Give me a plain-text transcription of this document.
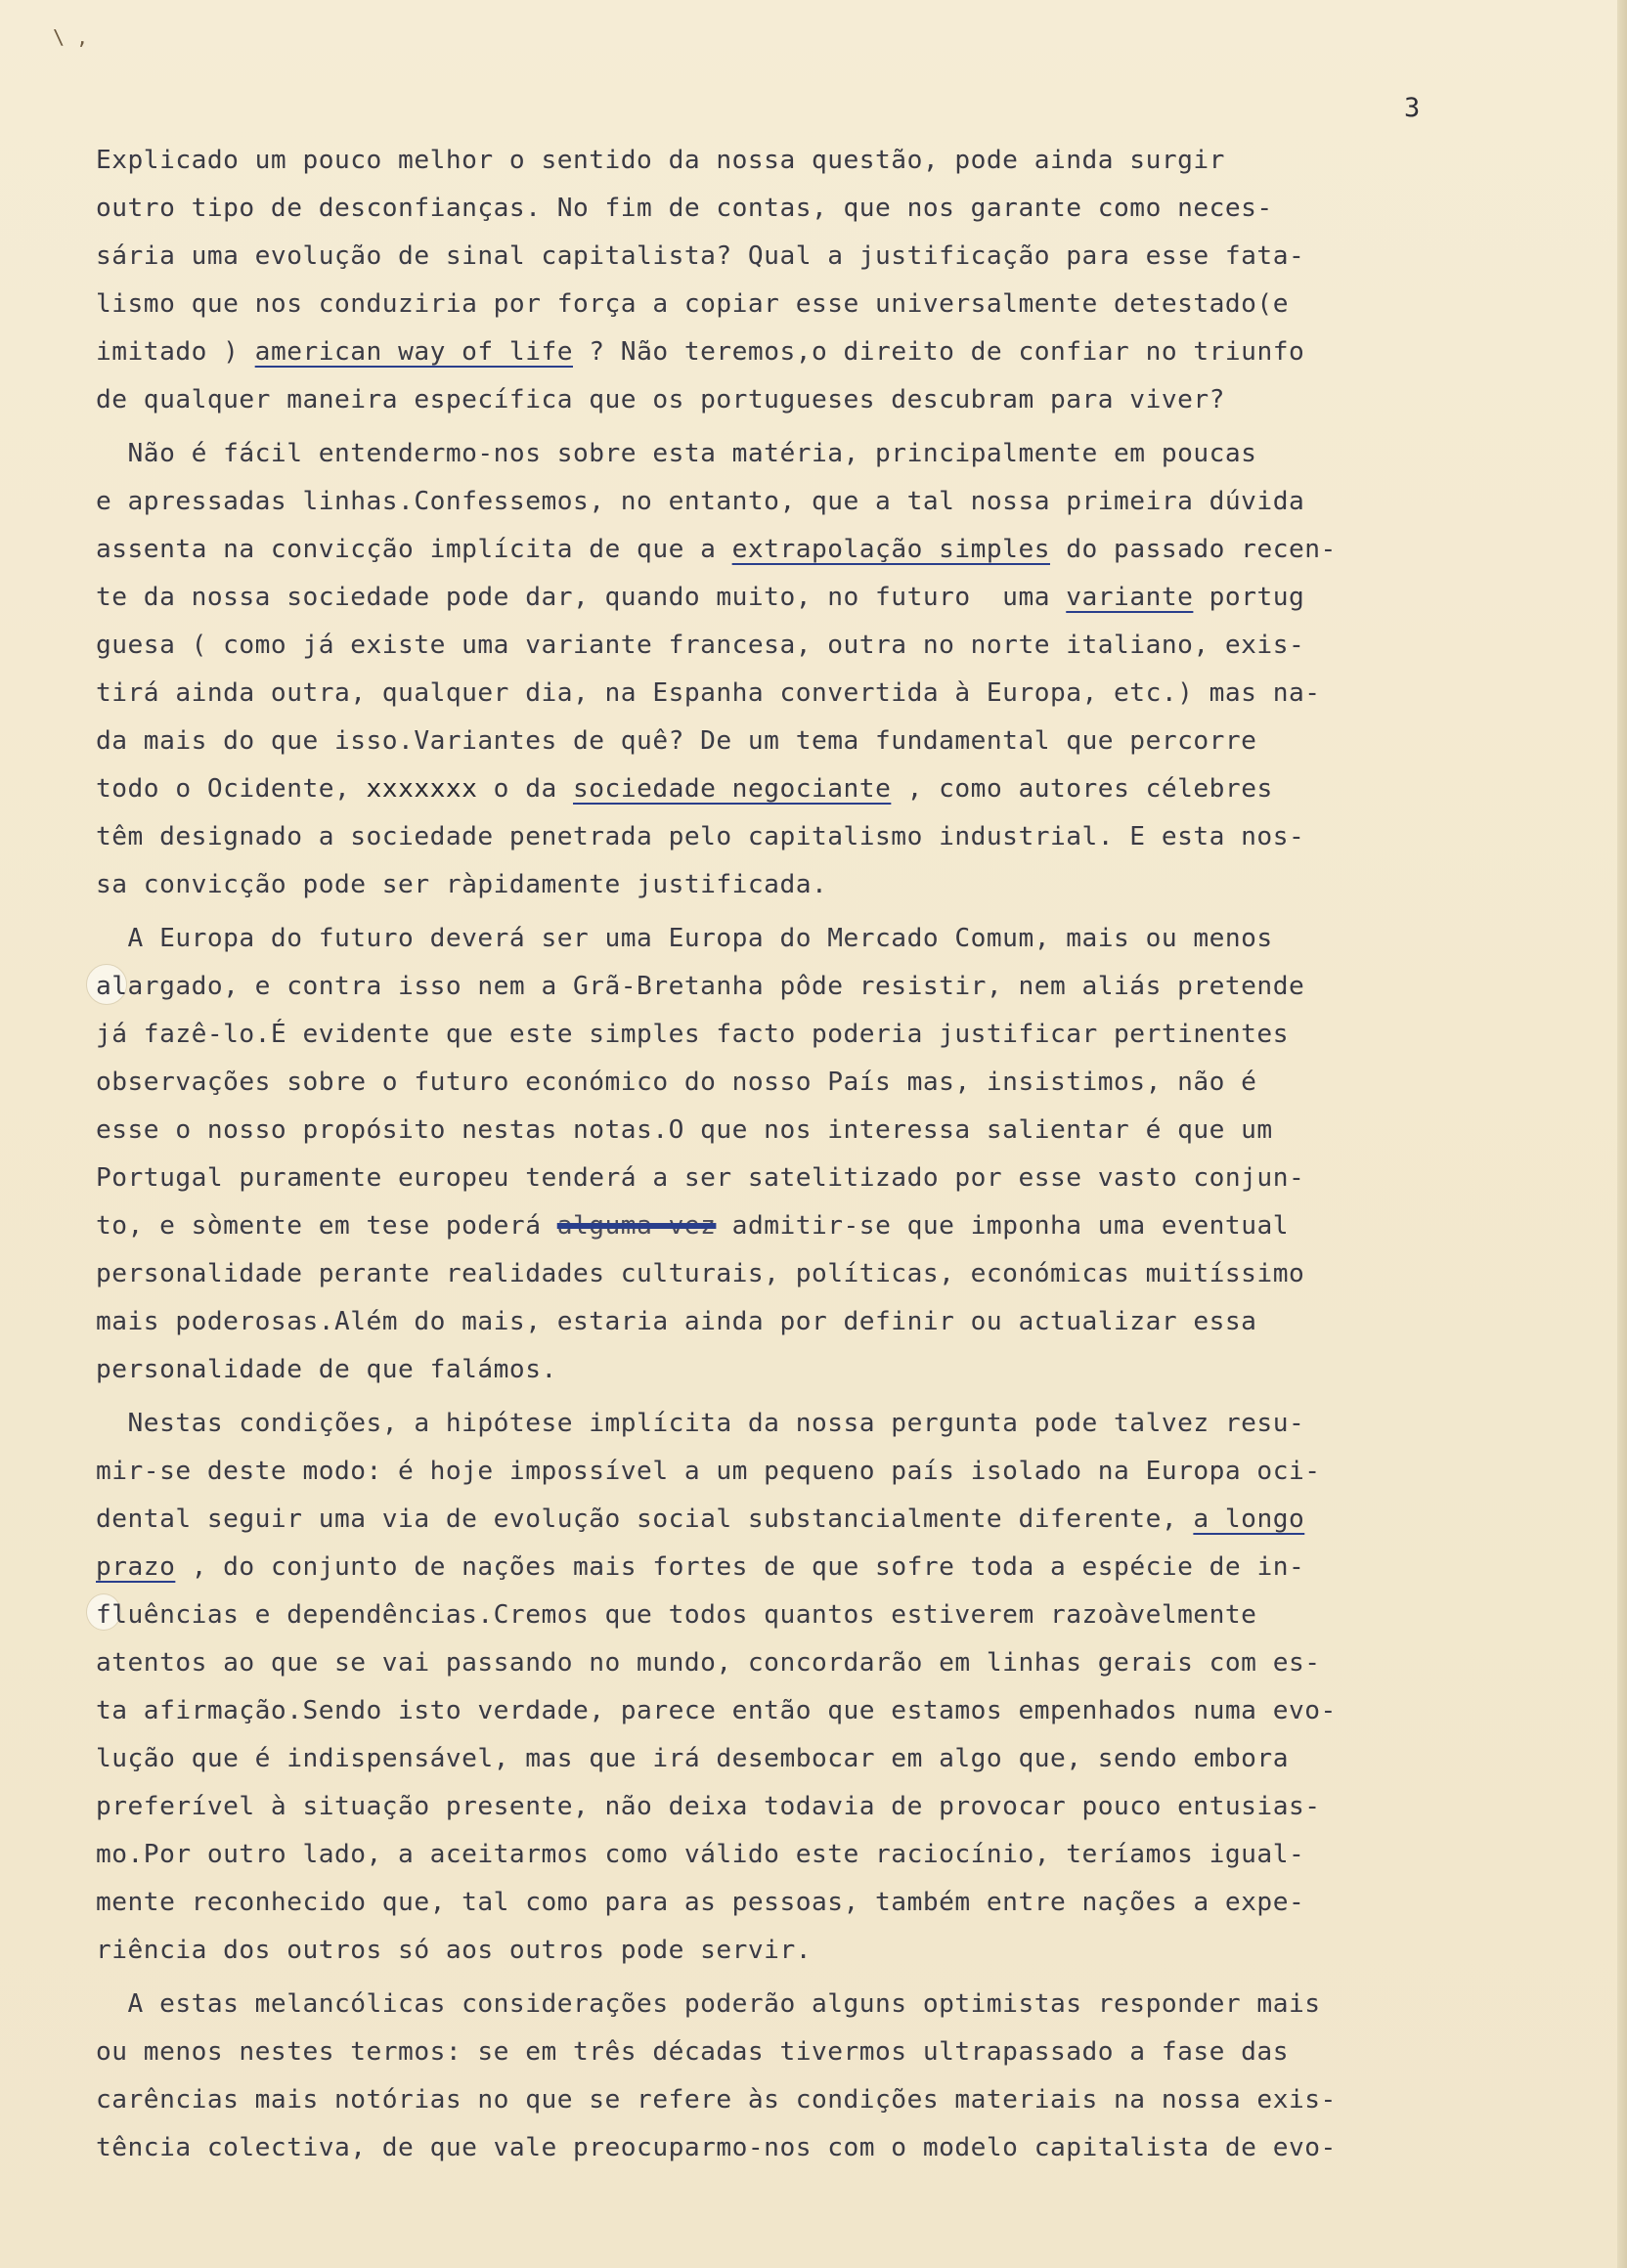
\ ,
3
Explicado um pouco melhor o sentido da nossa questão, pode ainda surgir
outro tipo de desconfianças. No fim de contas, que nos garante como neces-
sária uma evolução de sinal capitalista? Qual a justificação para esse fata-
lismo que nos conduziria por força a copiar esse universalmente detestado(e
imitado ) american way of life ? Não teremos,o direito de confiar no triunfo
de qualquer maneira específica que os portugueses descubram para viver?
Não é fácil entendermo-nos sobre esta matéria, principalmente em poucas
e apressadas linhas.Confessemos, no entanto, que a tal nossa primeira dúvida
assenta na convicção implícita de que a extrapolação simples do passado recen-
te da nossa sociedade pode dar, quando muito, no futuro  uma variante portug
guesa ( como já existe uma variante francesa, outra no norte italiano, exis-
tirá ainda outra, qualquer dia, na Espanha convertida à Europa, etc.) mas na-
da mais do que isso.Variantes de quê? De um tema fundamental que percorre
todo o Ocidente, xxxxxxx o da sociedade negociante , como autores célebres
têm designado a sociedade penetrada pelo capitalismo industrial. E esta nos-
sa convicção pode ser ràpidamente justificada.
A Europa do futuro deverá ser uma Europa do Mercado Comum, mais ou menos
alargado, e contra isso nem a Grã-Bretanha pôde resistir, nem aliás pretende
já fazê-lo.É evidente que este simples facto poderia justificar pertinentes
observações sobre o futuro económico do nosso País mas, insistimos, não é
esse o nosso propósito nestas notas.O que nos interessa salientar é que um
Portugal puramente europeu tenderá a ser satelitizado por esse vasto conjun-
to, e sòmente em tese poderá alguma vez admitir-se que imponha uma eventual
personalidade perante realidades culturais, políticas, económicas muitíssimo
mais poderosas.Além do mais, estaria ainda por definir ou actualizar essa
personalidade de que falámos.
Nestas condições, a hipótese implícita da nossa pergunta pode talvez resu-
mir-se deste modo: é hoje impossível a um pequeno país isolado na Europa oci-
dental seguir uma via de evolução social substancialmente diferente, a longo
prazo , do conjunto de nações mais fortes de que sofre toda a espécie de in-
fluências e dependências.Cremos que todos quantos estiverem razoàvelmente
atentos ao que se vai passando no mundo, concordarão em linhas gerais com es-
ta afirmação.Sendo isto verdade, parece então que estamos empenhados numa evo-
lução que é indispensável, mas que irá desembocar em algo que, sendo embora
preferível à situação presente, não deixa todavia de provocar pouco entusias-
mo.Por outro lado, a aceitarmos como válido este raciocínio, teríamos igual-
mente reconhecido que, tal como para as pessoas, também entre nações a expe-
riência dos outros só aos outros pode servir.
A estas melancólicas considerações poderão alguns optimistas responder mais
ou menos nestes termos: se em três décadas tivermos ultrapassado a fase das
carências mais notórias no que se refere às condições materiais na nossa exis-
tência colectiva, de que vale preocuparmo-nos com o modelo capitalista de evo-
